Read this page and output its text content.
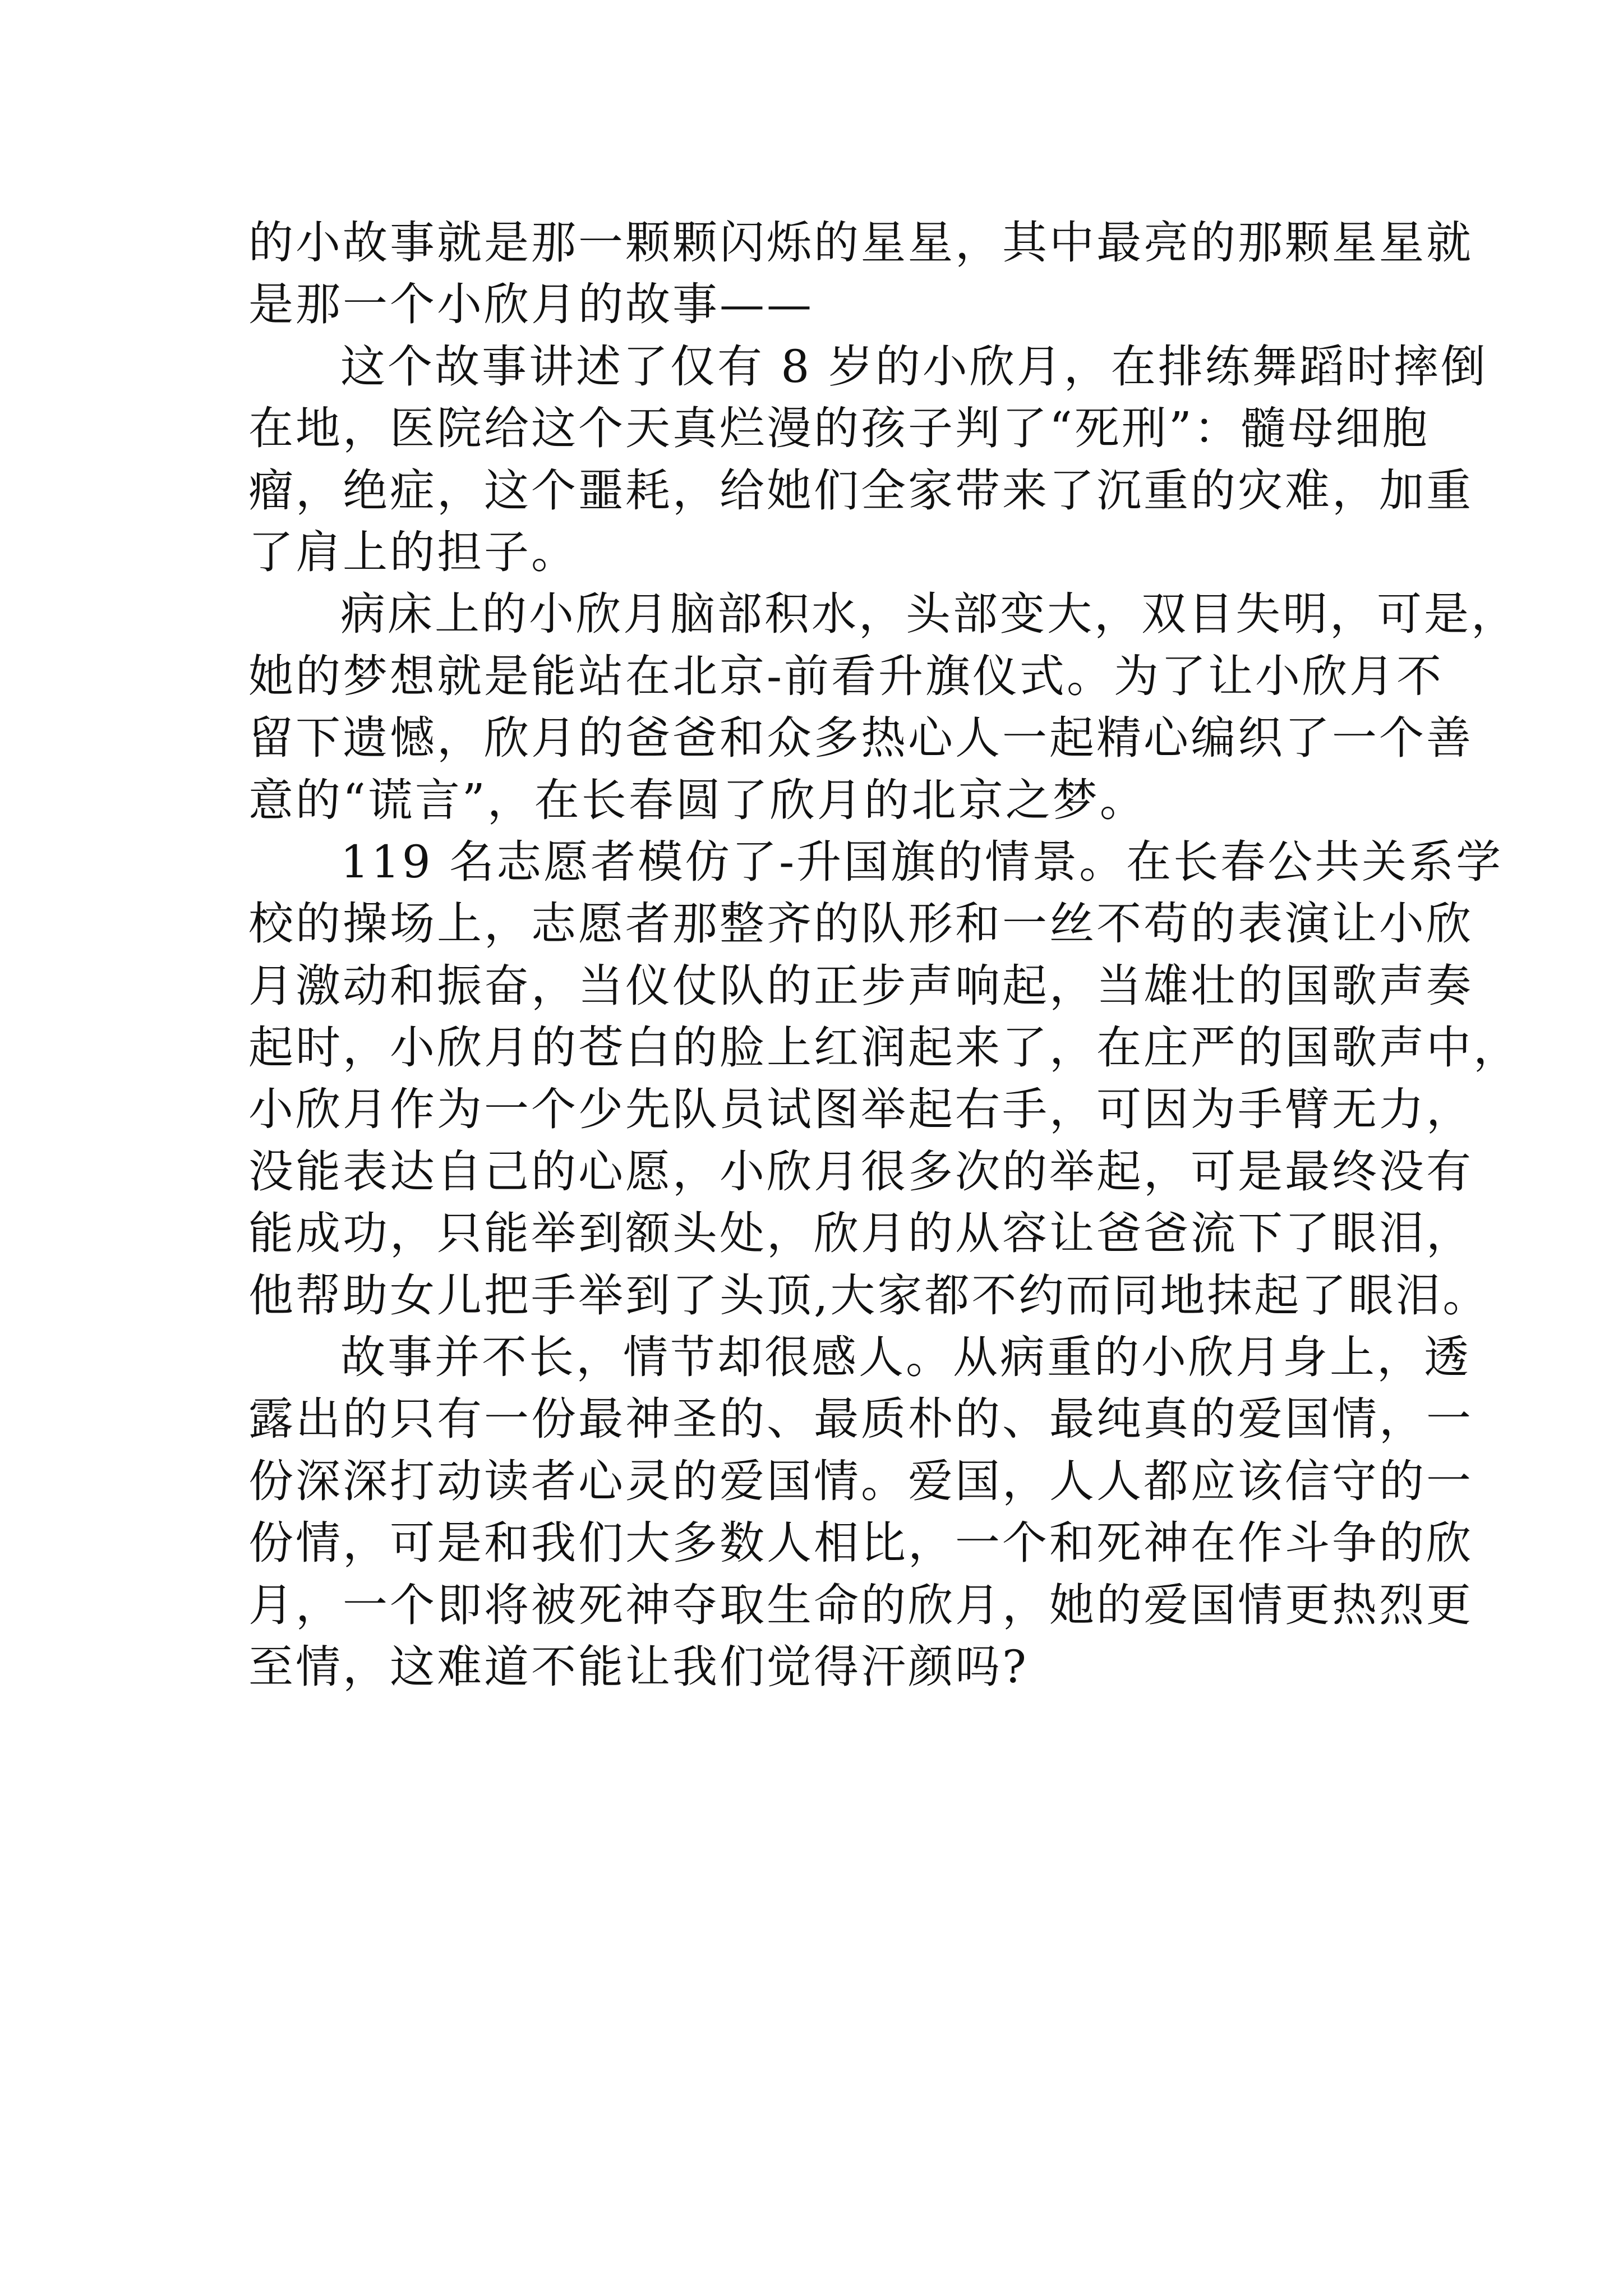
的小故事就是那一颗颗闪烁的星星，其中最亮的那颗星星就
是那一个小欣月的故事——

这个故事讲述了仅有 8 岁的小欣月，在排练舞蹈时摔倒
在地，医院给这个天真烂漫的孩子判了“死刑”：髓母细胞
瘤，绝症，这个噩耗，给她们全家带来了沉重的灾难，加重
了肩上的担子。

病床上的小欣月脑部积水，头部变大，双目失明，可是，
她的梦想就是能站在北京-前看升旗仪式。为了让小欣月不
留下遗憾，欣月的爸爸和众多热心人一起精心编织了一个善
意的“谎言”，在长春圆了欣月的北京之梦。

119 名志愿者模仿了-升国旗的情景。在长春公共关系学
校的操场上，志愿者那整齐的队形和一丝不苟的表演让小欣
月激动和振奋，当仪仗队的正步声响起，当雄壮的国歌声奏
起时，小欣月的苍白的脸上红润起来了，在庄严的国歌声中，
小欣月作为一个少先队员试图举起右手，可因为手臂无力，
没能表达自己的心愿，小欣月很多次的举起，可是最终没有
能成功，只能举到额头处，欣月的从容让爸爸流下了眼泪，
他帮助女儿把手举到了头顶,大家都不约而同地抹起了眼泪。

故事并不长，情节却很感人。从病重的小欣月身上，透
露出的只有一份最神圣的、最质朴的、最纯真的爱国情，一
份深深打动读者心灵的爱国情。爱国，人人都应该信守的一
份情，可是和我们大多数人相比，一个和死神在作斗争的欣
月，一个即将被死神夺取生命的欣月，她的爱国情更热烈更
至情，这难道不能让我们觉得汗颜吗?
